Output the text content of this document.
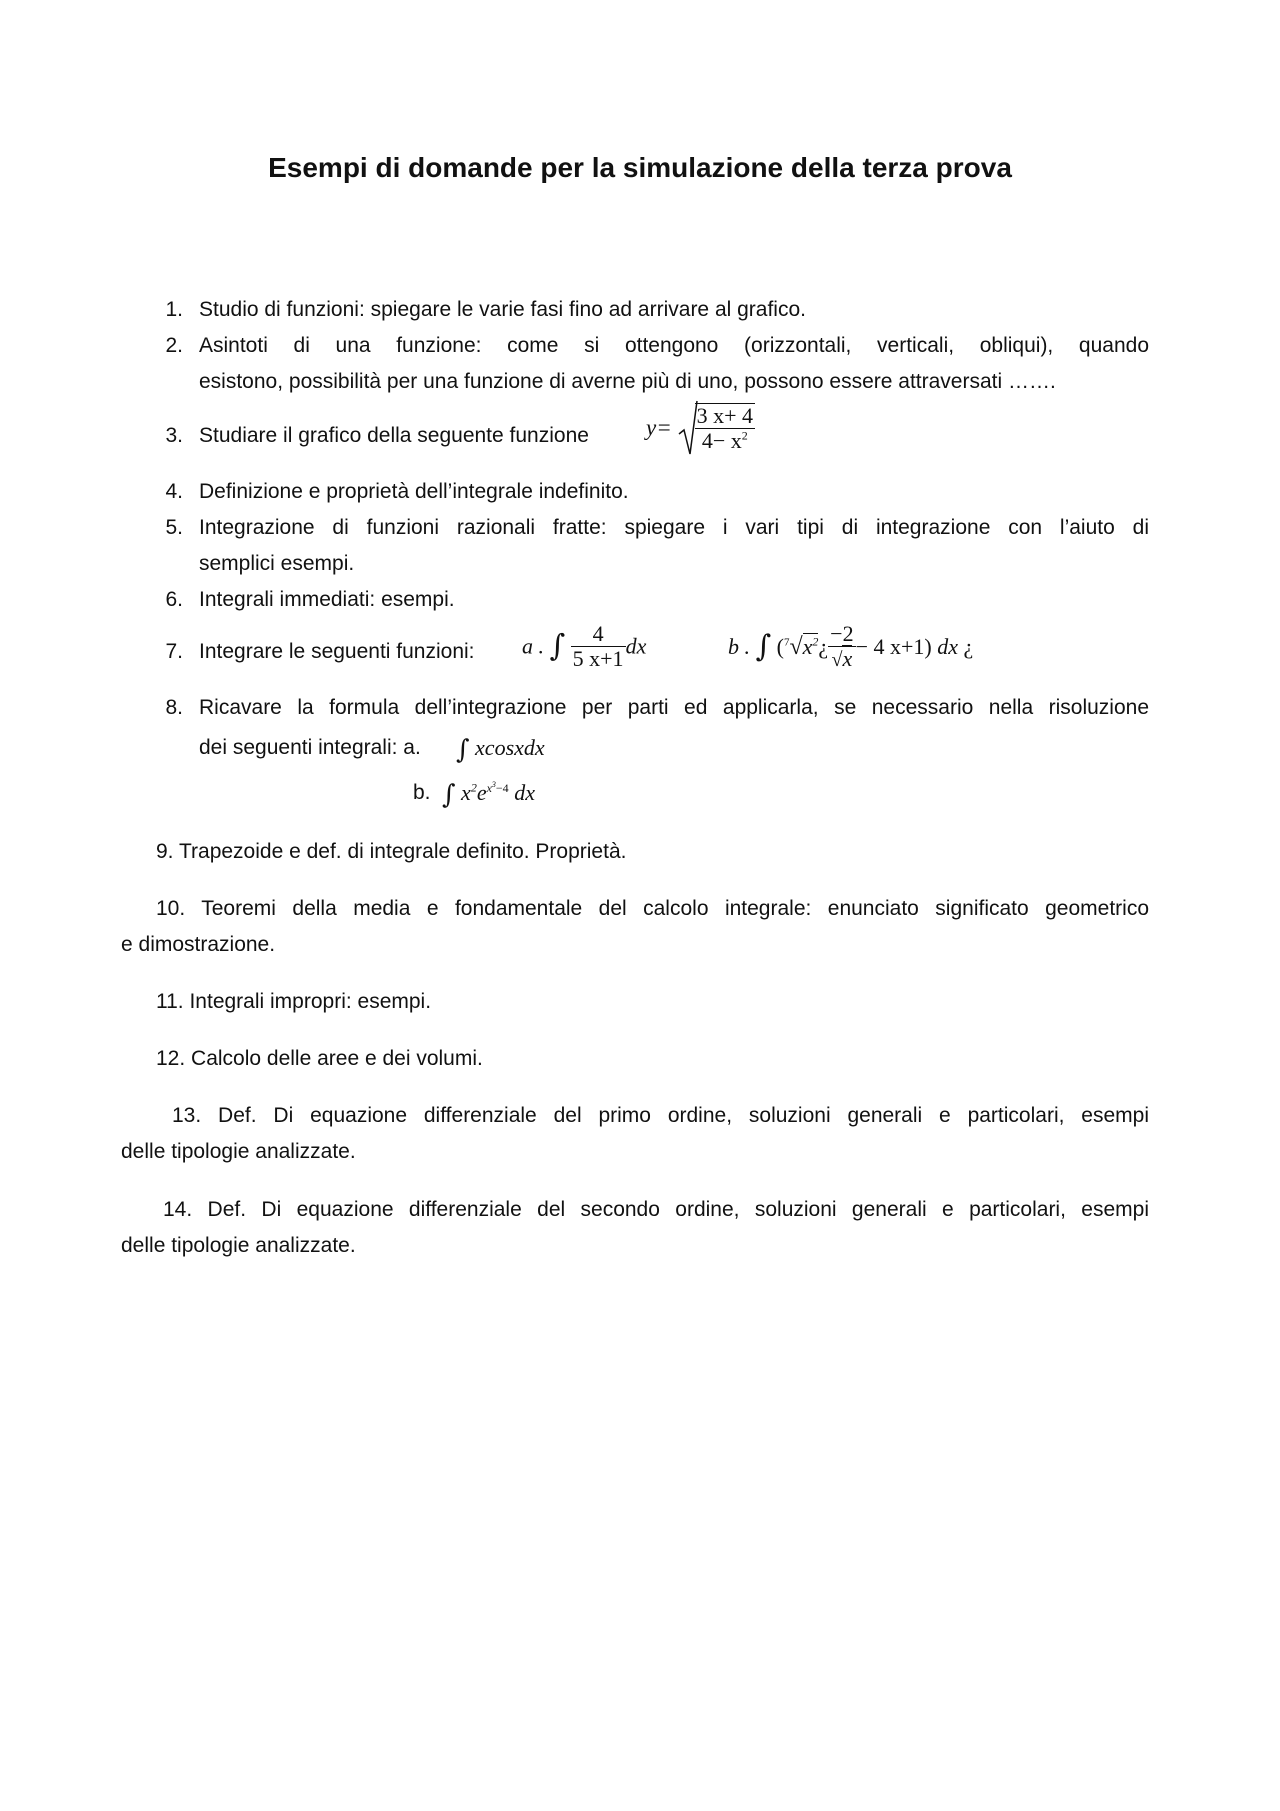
Esempi di domande per la simulazione della terza prova
1. Studio di funzioni: spiegare le varie fasi fino ad arrivare al grafico.
2. Asintoti di una funzione: come si ottengono (orizzontali, verticali, obliqui), quando
esistono, possibilità per una funzione di averne più di uno, possono essere attraversati …….
3. Studiare il grafico della seguente funzione $y= \frac{3 x+ 4}{4- x^2}$
4. Definizione e proprietà dell’integrale indefinito.
5. Integrazione di funzioni razionali fratte: spiegare i vari tipi di integrazione con l’aiuto di
semplici esempi.
6. Integrali immediati: esempi.
7. Integrare le seguenti funzioni: a . ∫ $\frac{4}{5 x+1}$ dx	b . ∫ ($^7√x^2¿ \frac{-2}{√x} - 4$ x+1) dx ¿
8. Ricavare la formula dell’integrazione per parti ed applicarla, se necessario nella risoluzione
dei seguenti integrali: a. ∫ xcosxdx
b. ∫ $x^2e^{x^3-4}$ dx
9. Trapezoide e def. di integrale definito. Proprietà.
10. Teoremi della media e fondamentale del calcolo integrale: enunciato significato geometrico
e dimostrazione.
11. Integrali impropri: esempi.
12. Calcolo delle aree e dei volumi.
13. Def. Di equazione differenziale del primo ordine, soluzioni generali e particolari, esempi
delle tipologie analizzate.
14. Def. Di equazione differenziale del secondo ordine, soluzioni generali e particolari, esempi
delle tipologie analizzate.
